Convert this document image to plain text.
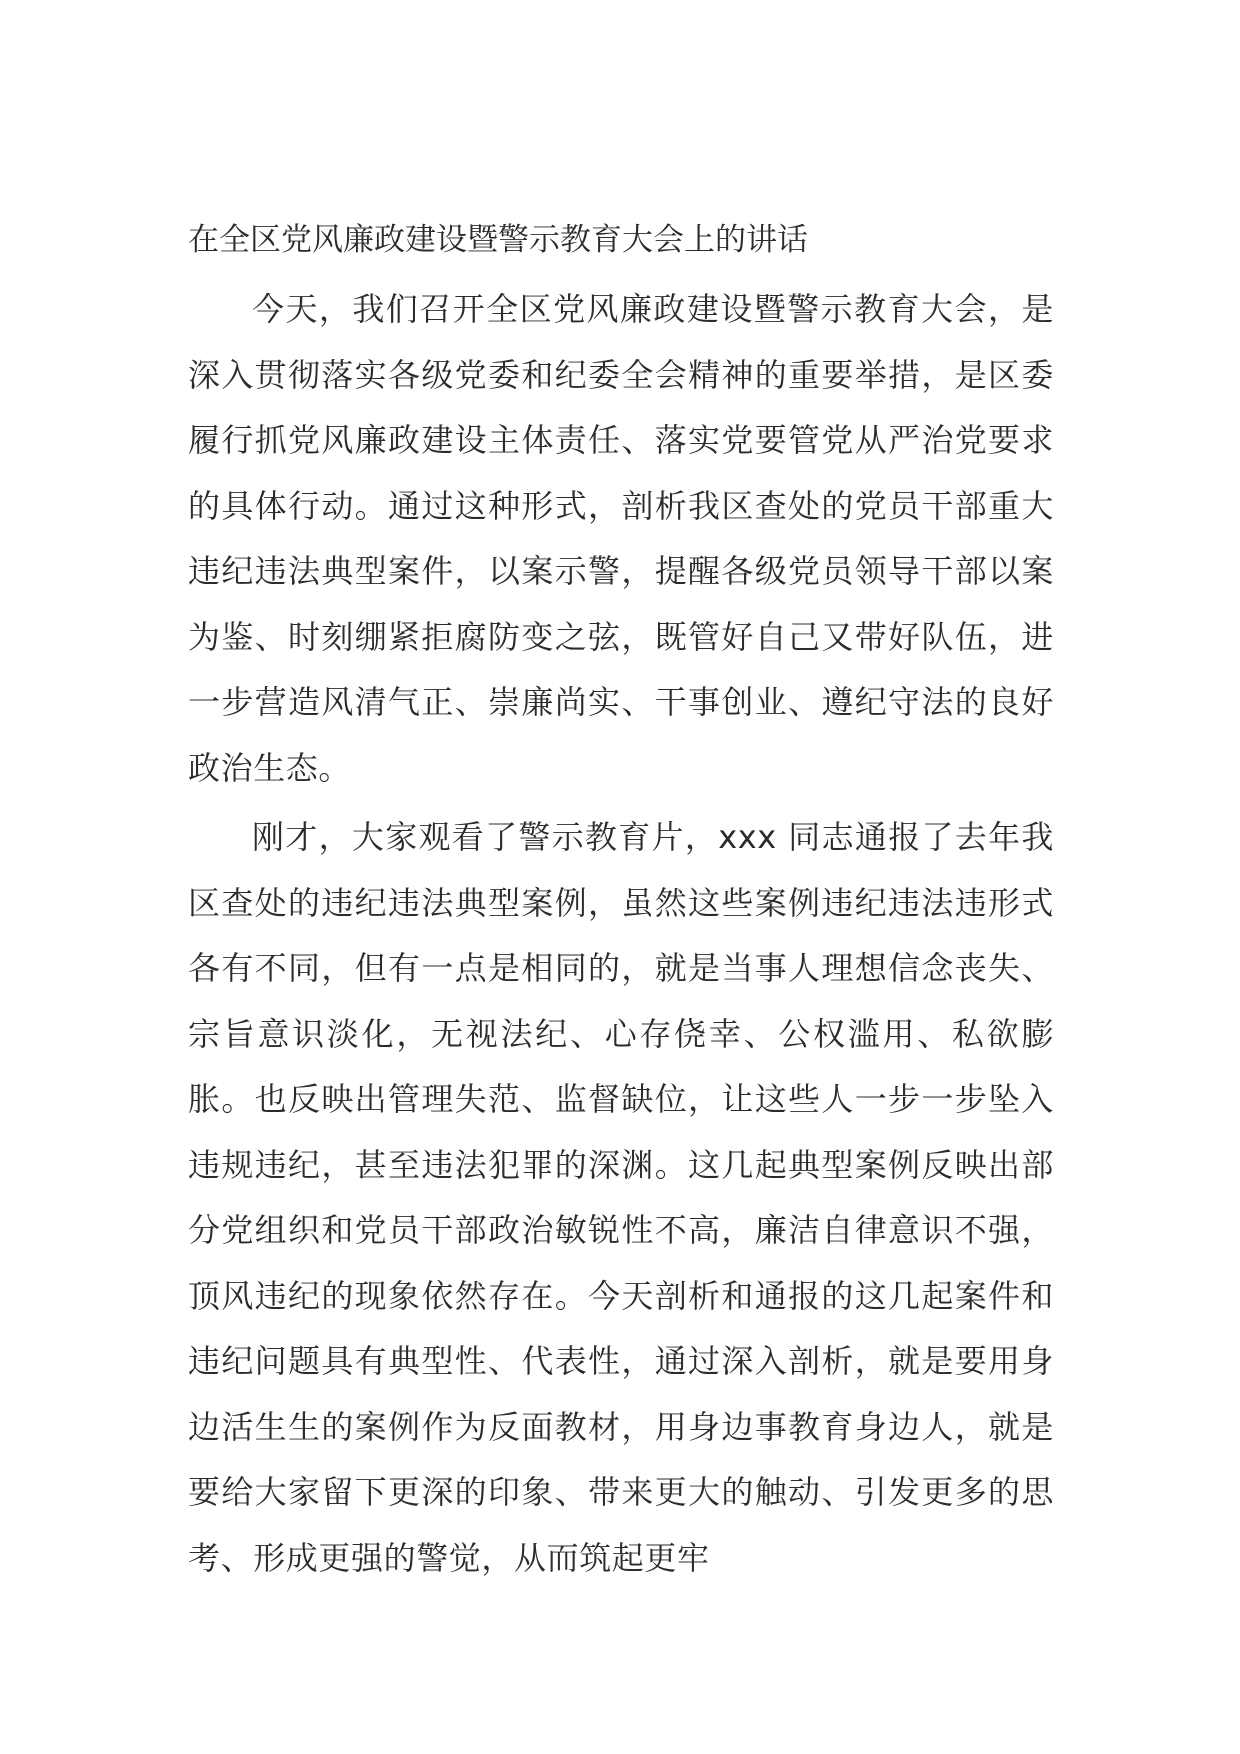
在全区党风廉政建设暨警示教育大会上的讲话

今天，我们召开全区党风廉政建设暨警示教育大会，是深入贯彻落实各级党委和纪委全会精神的重要举措，是区委履行抓党风廉政建设主体责任、落实党要管党从严治党要求的具体行动。通过这种形式，剖析我区查处的党员干部重大违纪违法典型案件，以案示警，提醒各级党员领导干部以案为鉴、时刻绷紧拒腐防变之弦，既管好自己又带好队伍，进一步营造风清气正、崇廉尚实、干事创业、遵纪守法的良好政治生态。

刚才，大家观看了警示教育片，xxx 同志通报了去年我区查处的违纪违法典型案例，虽然这些案例违纪违法违形式各有不同，但有一点是相同的，就是当事人理想信念丧失、宗旨意识淡化，无视法纪、心存侥幸、公权滥用、私欲膨胀。也反映出管理失范、监督缺位，让这些人一步一步坠入违规违纪，甚至违法犯罪的深渊。这几起典型案例反映出部分党组织和党员干部政治敏锐性不高，廉洁自律意识不强，顶风违纪的现象依然存在。今天剖析和通报的这几起案件和违纪问题具有典型性、代表性，通过深入剖析，就是要用身边活生生的案例作为反面教材，用身边事教育身边人，就是要给大家留下更深的印象、带来更大的触动、引发更多的思考、形成更强的警觉，从而筑起更牢
